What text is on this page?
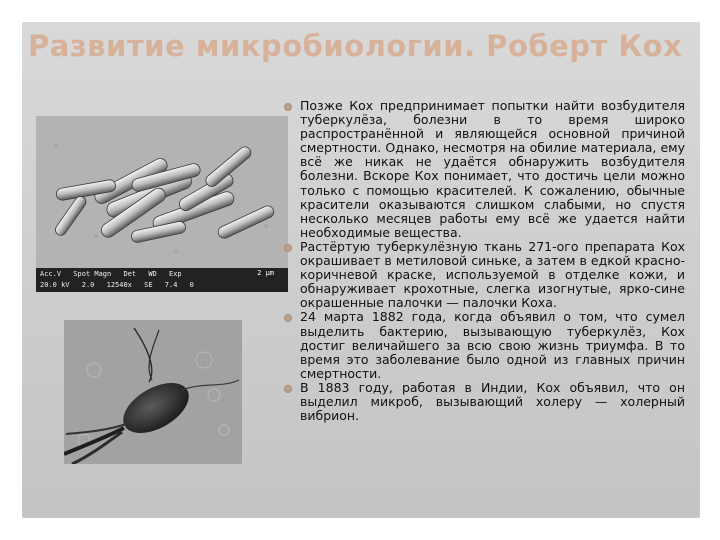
Развитие микробиологии. Роберт Кох
Acc.V Spot Magn Det WD Exp
20.0 kV 2.0 12540x SE 7.4 0
2 μm
Позже Кох предпринимает попытки найти возбудителя туберкулёза, болезни в то время широко распространённой и являющейся основной причиной смертности. Однако, несмотря на обилие материала, ему всё же никак не удаётся обнаружить возбудителя болезни. Вскоре Кох понимает, что достичь цели можно только с помощью красителей. К сожалению, обычные красители оказываются слишком слабыми, но спустя несколько месяцев работы ему всё же удается найти необходимые вещества.
Растёртую туберкулёзную ткань 271-ого препарата Кох окрашивает в метиловой синьке, а затем в едкой красно-коричневой краске, используемой в отделке кожи, и обнаруживает крохотные, слегка изогнутые, ярко-сине окрашенные палочки — палочки Коха.
24 марта 1882 года, когда объявил о том, что сумел выделить бактерию, вызывающую туберкулёз, Кох достиг величайшего за всю свою жизнь триумфа. В то время это заболевание было одной из главных причин смертности.
В 1883 году, работая в Индии, Кох объявил, что он выделил микроб, вызывающий холеру — холерный вибрион.
